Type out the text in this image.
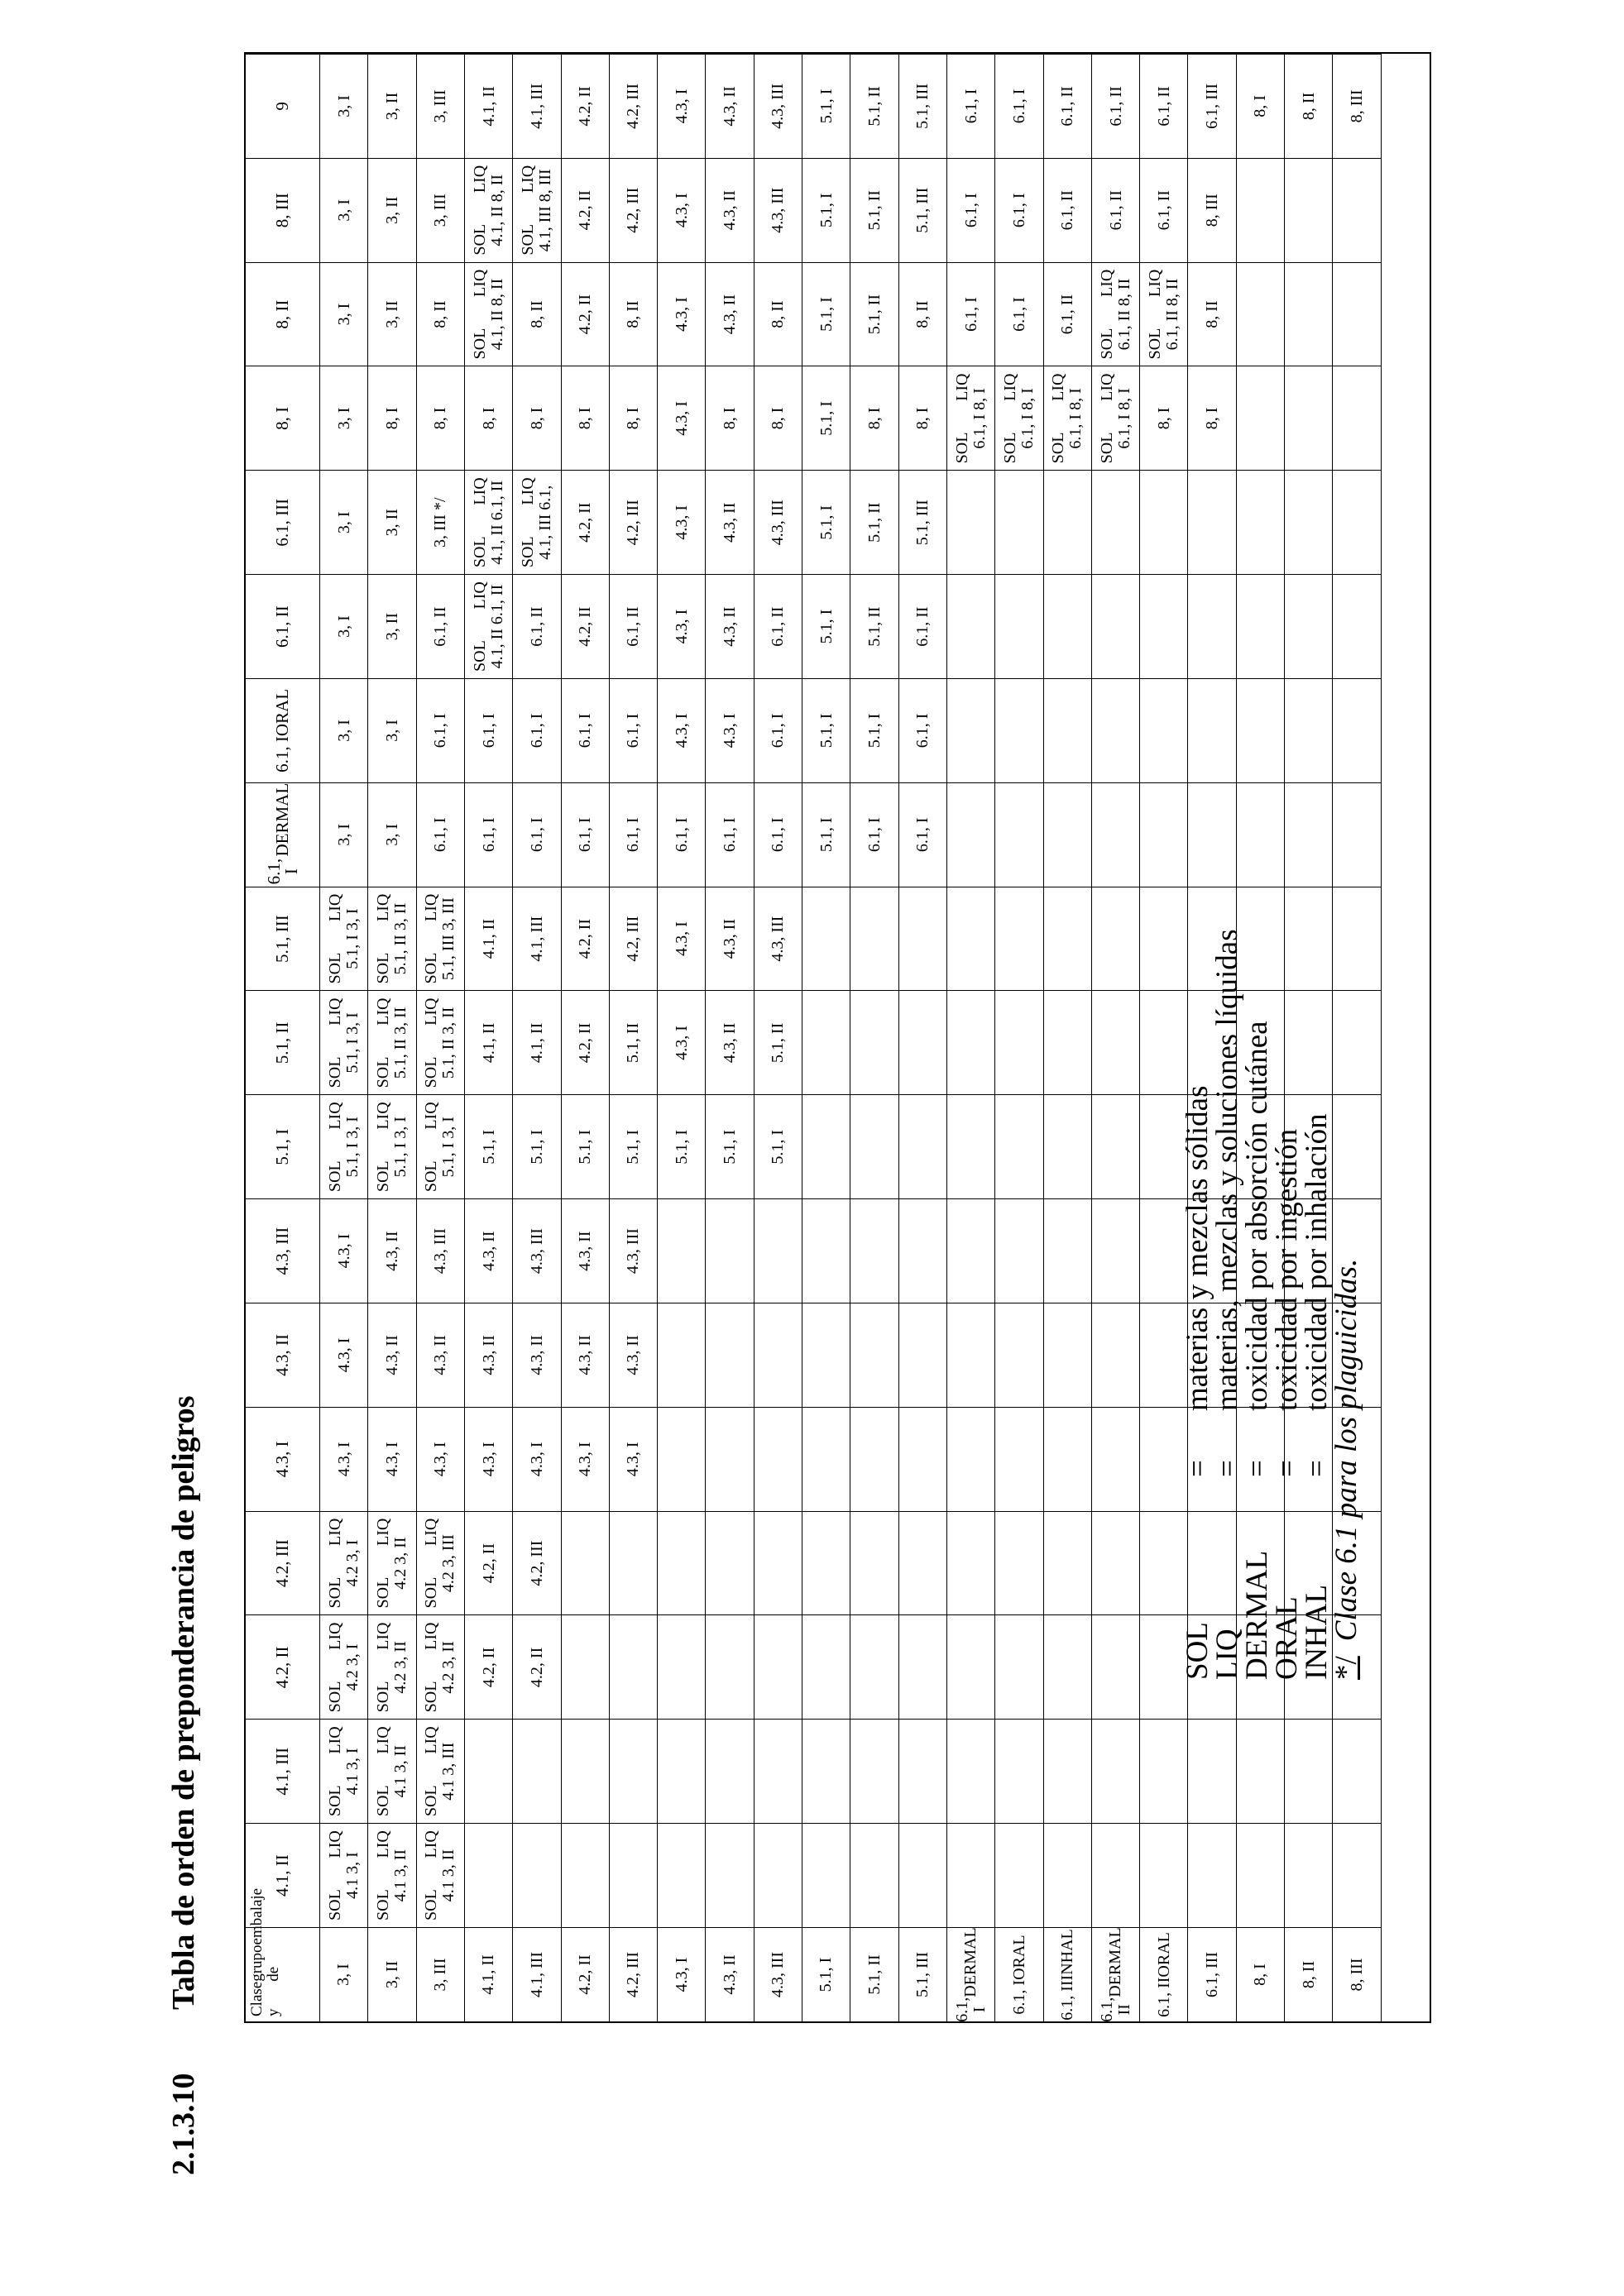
2.1.3.10Tabla de orden de preponderancia de peligros	Clase y

grupo de

embalaje
4.1, II
4.1, III
4.2, II
4.2, III
4.3, I
4.3, II
4.3, III
5.1, I
5.1, II
5.1, III
6.1, I

DERMAL
6.1, I

ORAL
6.1, II
6.1, III
8, I
8, II
8, III
9
3, I
SOL
LIQ
4.1 3, I
SOL
LIQ
4.1 3, I
SOL
LIQ
4.2 3, I
SOL
LIQ
4.2 3, I
4.3, I
4.3, I
4.3, I
SOL
LIQ
5.1, I 3, I
SOL
LIQ
5.1, I 3, I
SOL
LIQ
5.1, I 3, I
3, I
3, I
3, I
3, I
3, I
3, I
3, I
3, I
3, II
SOL
LIQ
4.1 3, II
SOL
LIQ
4.1 3, II
SOL
LIQ
4.2 3, II
SOL
LIQ
4.2 3, II
4.3, I
4.3, II
4.3, II
SOL
LIQ
5.1, I 3, I
SOL
LIQ 5.1, II 3, II
SOL
LIQ 5.1, II 3, II
3, I
3, I
3, II
3, II
8, I
3, II
3, II
3, II
3, III
SOL
LIQ
4.1 3, II
SOL
LIQ
4.1 3, III
SOL
LIQ
4.2 3, II
SOL
LIQ
4.2 3, III
4.3, I
4.3, II
4.3, III
SOL
LIQ
5.1, I 3, I
SOL
LIQ 5.1, II 3, II
SOL
LIQ 5.1, III 3, III
6.1, I
6.1, I
6.1, II
3, III */
8, I
8, II
3, III
3, III
4.1, II
4.2, II
4.2, II
4.3, I
4.3, II
4.3, II
5.1, I
4.1, II
4.1, II
6.1, I
6.1, I
SOL
LIQ 4.1, II 6.1, II
SOL
LIQ 4.1, II 6.1, II
8, I
SOL
LIQ 4.1, II 8, II
SOL
LIQ 4.1, II 8, II
4.1, II
4.1, III
4.2, II
4.2, III
4.3, I
4.3, II
4.3, III
5.1, I
4.1, II
4.1, III
6.1, I
6.1, I
6.1, II
SOL
LIQ 4.1, III 6.1,
8, I
8, II
SOL
LIQ 4.1, III 8, III
4.1, III
4.2, II
4.3, I
4.3, II
4.3, II
5.1, I
4.2, II
4.2, II
6.1, I
6.1, I
4.2, II
4.2, II
8, I
4.2, II
4.2, II
4.2, II
4.2, III
4.3, I
4.3, II
4.3, III
5.1, I
5.1, II
4.2, III
6.1, I
6.1, I
6.1, II
4.2, III
8, I
8, II
4.2, III
4.2, III
4.3, I
5.1, I
4.3, I
4.3, I
6.1, I
4.3, I
4.3, I
4.3, I
4.3, I
4.3, I
4.3, I
4.3, I
4.3, II
5.1, I
4.3, II
4.3, II
6.1, I
4.3, I
4.3, II
4.3, II
8, I
4.3, II
4.3, II
4.3, II
4.3, III
5.1, I
5.1, II
4.3, III
6.1, I
6.1, I
6.1, II
4.3, III
8, I
8, II
4.3, III
4.3, III
5.1, I
5.1, I
5.1, I
5.1, I
5.1, I
5.1, I
5.1, I
5.1, I
5.1, I
5.1, II
6.1, I
5.1, I
5.1, II
5.1, II
8, I
5.1, II
5.1, II
5.1, II
5.1, III
6.1, I
6.1, I
6.1, II
5.1, III
8, I
8, II
5.1, III
5.1, III
6.1, I

DERMAL
SOL
LIQ
6.1, I 8, I
6.1, I
6.1, I
6.1, I
6.1, I

ORAL
SOL
LIQ
6.1, I 8, I
6.1, I
6.1, I
6.1, I
6.1, II

INHAL
SOL
LIQ
6.1, I 8, I
6.1, II
6.1, II
6.1, II
6.1, II

DERMAL
SOL
LIQ
6.1, I 8, I
SOL
LIQ 6.1, II 8, II
6.1, II
6.1, II
6.1, II

ORAL
8, I
SOL
LIQ 6.1, II 8, II
6.1, II
6.1, II
6.1, III
8, I
8, II
8, III
6.1, III
8, I
8, I
8, II
8, II
8, III
8, III
SOL
=
materias y mezclas sólidas
LIQ
=
materias, mezclas y soluciones líquidas
DERMAL
=
toxicidad por absorción cutánea
ORAL
=
toxicidad por ingestión
INHAL
=
toxicidad por inhalación
*/
Clase 6.1 para los plaguicidas.
